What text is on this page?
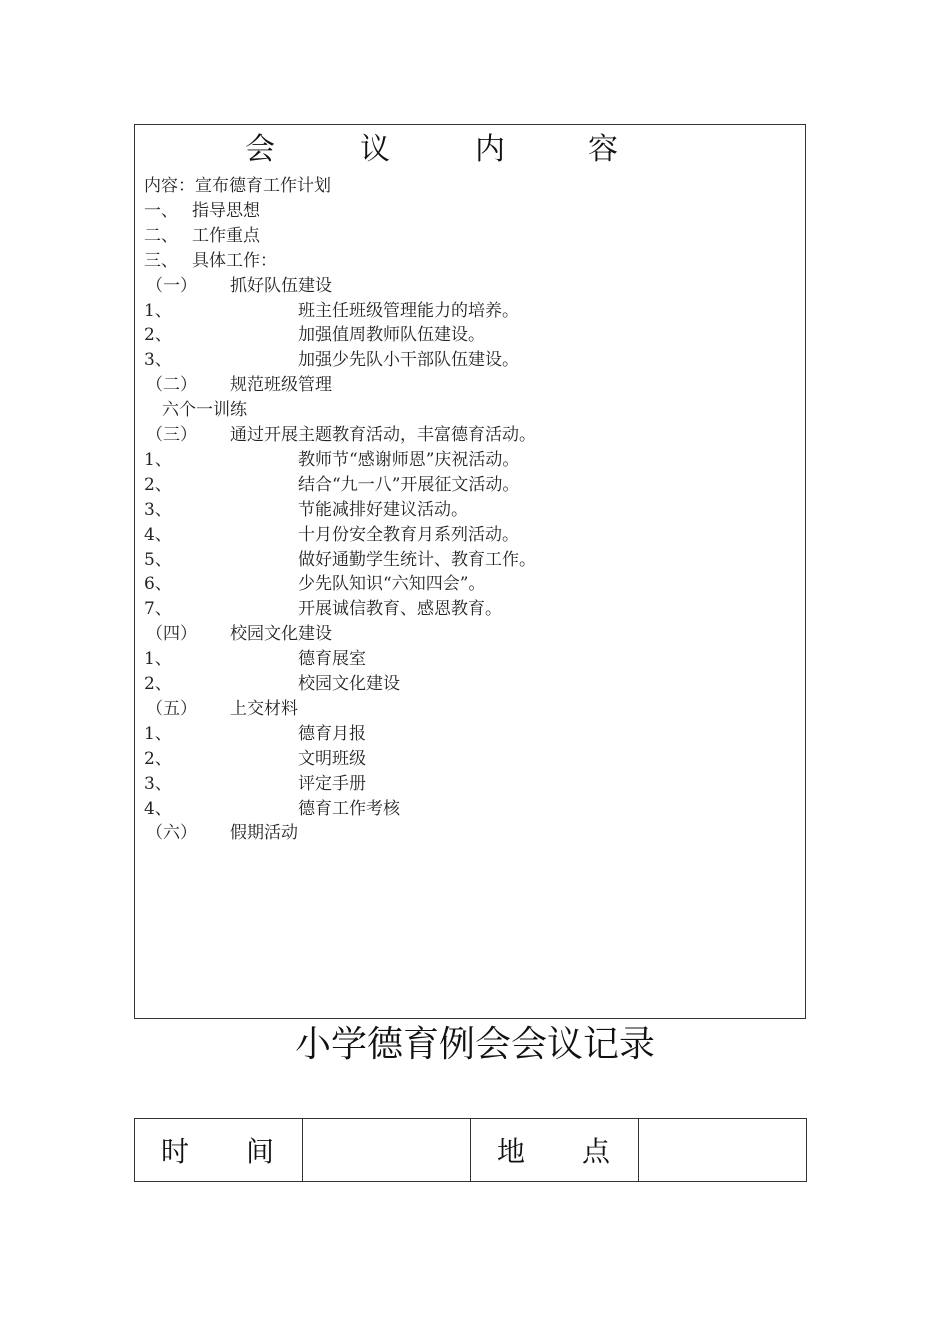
会	议	内	容
内容：宣布德育工作计划
一、 指导思想
二、 工作重点
三、 具体工作：
（一） 抓好队伍建设
1、	班主任班级管理能力的培养。
2、	加强值周教师队伍建设。
3、	加强少先队小干部队伍建设。
（二） 规范班级管理
六个一训练
（三） 通过开展主题教育活动，丰富德育活动。
1、	教师节“感谢师恩”庆祝活动。
2、	结合“九一八”开展征文活动。
3、	节能减排好建议活动。
4、	十月份安全教育月系列活动。
5、	做好通勤学生统计、教育工作。
6、	少先队知识“六知四会”。
7、	开展诚信教育、感恩教育。
（四） 校园文化建设
1、	德育展室
2、	校园文化建设
（五） 上交材料
1、	德育月报
2、	文明班级
3、	评定手册
4、	德育工作考核
（六） 假期活动
小学德育例会会议记录
时 间		地 点
